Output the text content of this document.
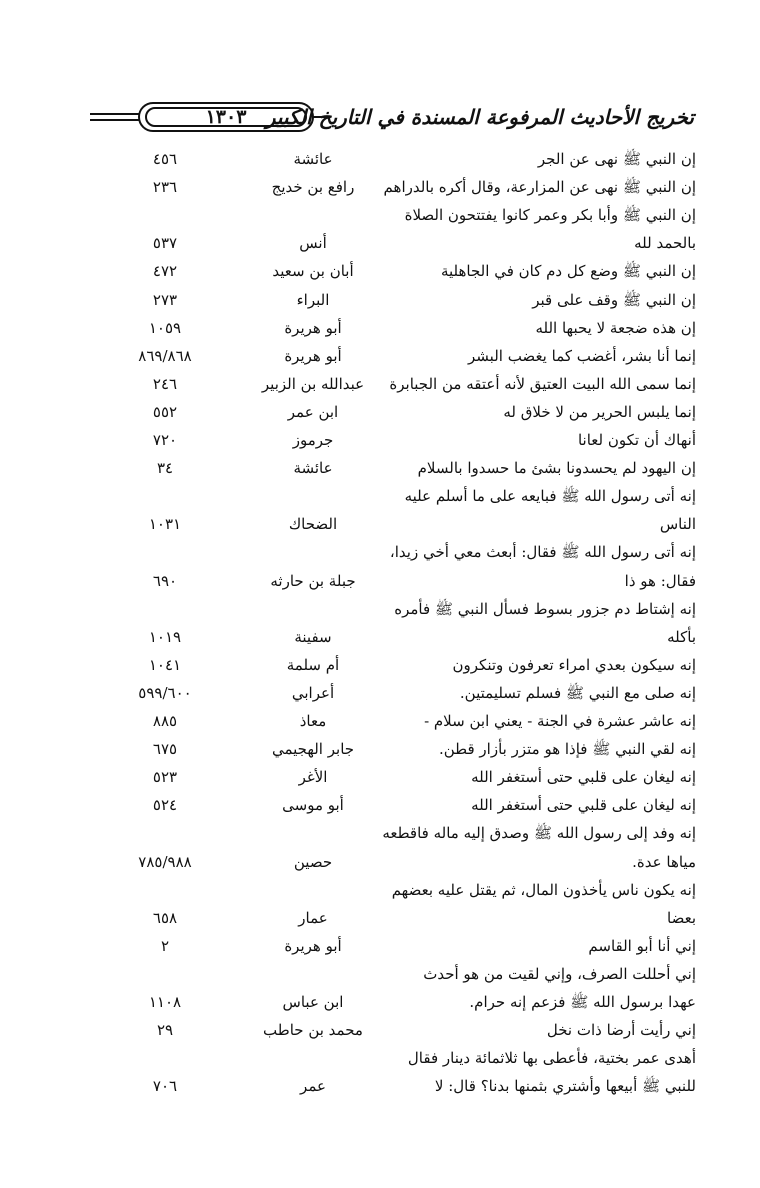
١٣٠٣ تخريج الأحاديث المرفوعة المسندة في التاريخ الكبير
إن النبي ﷺ نهى عن الجر
عائشة
٤٥٦
إن النبي ﷺ نهى عن المزارعة، وقال أكره بالدراهم
رافع بن خديج
٢٣٦
إن النبي ﷺ وأبا بكر وعمر كانوا يفتتحون الصلاة
بالحمد لله
أنس
٥٣٧
إن النبي ﷺ وضع كل دم كان في الجاهلية
أبان بن سعيد
٤٧٢
إن النبي ﷺ وقف على قبر
البراء
٢٧٣
إن هذه ضجعة لا يحبها الله
أبو هريرة
١٠٥٩
إنما أنا بشر، أغضب كما يغضب البشر
أبو هريرة
٨٦٩/٨٦٨
إنما سمى الله البيت العتيق لأنه أعتقه من الجبابرة
عبدالله بن الزبير
٢٤٦
إنما يلبس الحرير من لا خلاق له
ابن عمر
٥٥٢
أنهاك أن تكون لعانا
جرموز
٧٢٠
إن اليهود لم يحسدونا بشئ ما حسدوا بالسلام
عائشة
٣٤
إنه أتى رسول الله ﷺ فبايعه على ما أسلم عليه
الناس
الضحاك
١٠٣١
إنه أتى رسول الله ﷺ فقال: أبعث معي أخي زيدا،
فقال: هو ذا
جبلة بن حارثه
٦٩٠
إنه إشتاط دم جزور بسوط فسأل النبي ﷺ فأمره
بأكله
سفينة
١٠١٩
إنه سيكون بعدي امراء تعرفون وتنكرون
أم سلمة
١٠٤١
إنه صلى مع النبي ﷺ فسلم تسليمتين.
أعرابي
٥٩٩/٦٠٠
إنه عاشر عشرة في الجنة - يعني ابن سلام -
معاذ
٨٨٥
إنه لقي النبي ﷺ فإذا هو متزر بأزار قطن.
جابر الهجيمي
٦٧٥
إنه ليغان على قلبي حتى أستغفر الله
الأغر
٥٢٣
إنه ليغان على قلبي حتى أستغفر الله
أبو موسى
٥٢٤
إنه وفد إلى رسول الله ﷺ وصدق إليه ماله فاقطعه
مياها عدة.
حصين
٧٨٥/٩٨٨
إنه يكون ناس يأخذون المال، ثم يقتل عليه بعضهم
بعضا
عمار
٦٥٨
إني أنا أبو القاسم
أبو هريرة
٢
إني أحللت الصرف، وإني لقيت من هو أحدث
عهدا برسول الله ﷺ فزعم إنه حرام.
ابن عباس
١١٠٨
إني رأيت أرضا ذات نخل
محمد بن حاطب
٢٩
أهدى عمر بختية، فأعطى بها ثلاثمائة دينار فقال
للنبي ﷺ أبيعها وأشتري بثمنها بدنا؟ قال: لا
عمر
٧٠٦
